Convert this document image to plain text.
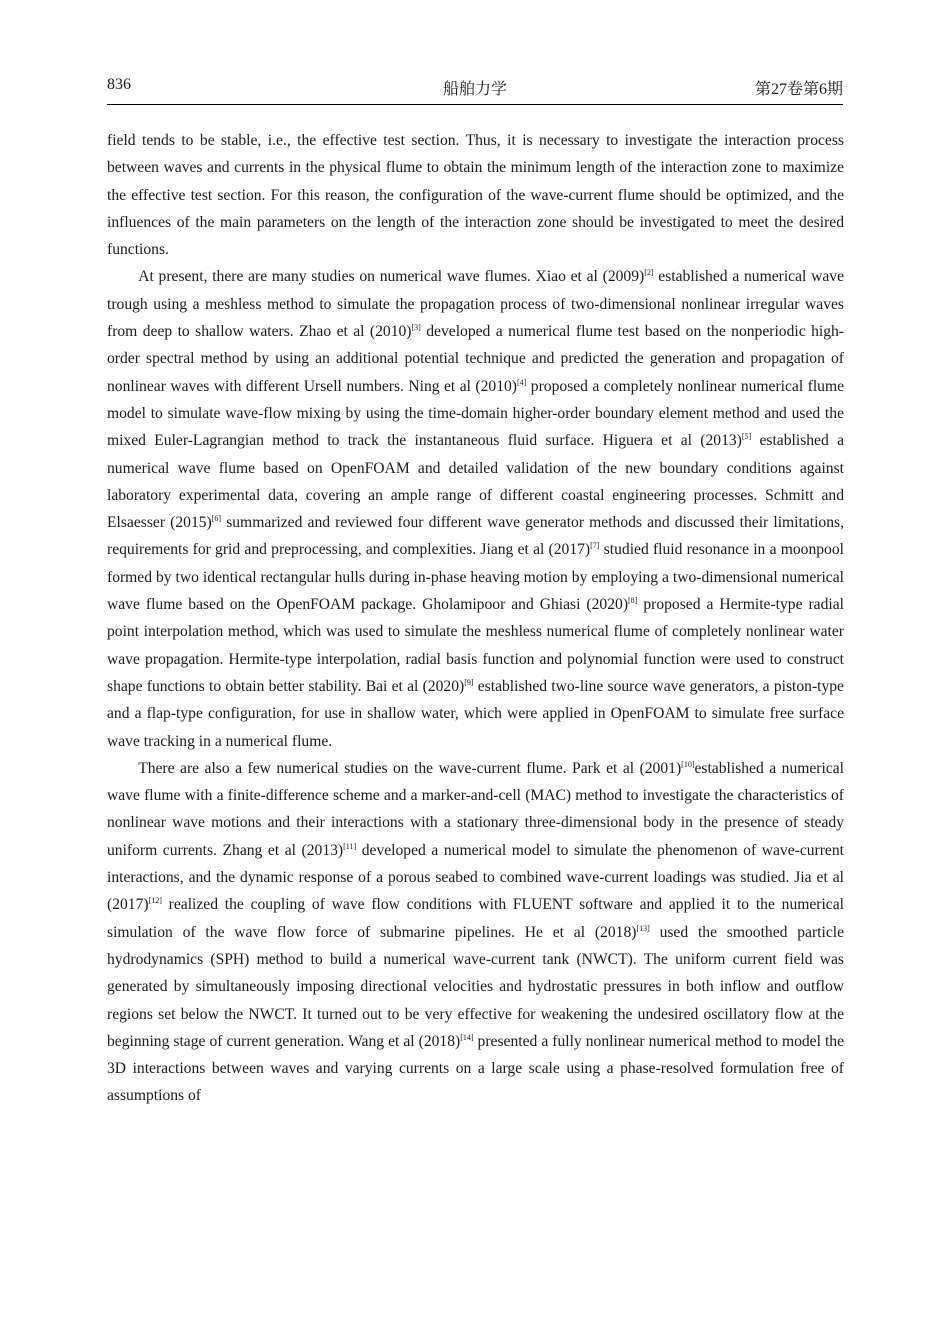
836	船舶力学	第27卷第6期

field tends to be stable, i.e., the effective test section. Thus, it is necessary to investigate the interaction process between waves and currents in the physical flume to obtain the minimum length of the interaction zone to maximize the effective test section. For this reason, the configuration of the wave-current flume should be optimized, and the influences of the main parameters on the length of the interaction zone should be investigated to meet the desired functions.

At present, there are many studies on numerical wave flumes. Xiao et al (2009)[2] established a numerical wave trough using a meshless method to simulate the propagation process of two-dimensional nonlinear irregular waves from deep to shallow waters. Zhao et al (2010)[3] developed a numerical flume test based on the nonperiodic high-order spectral method by using an additional potential technique and predicted the generation and propagation of nonlinear waves with different Ursell numbers. Ning et al (2010)[4] proposed a completely nonlinear numerical flume model to simulate wave-flow mixing by using the time-domain higher-order boundary element method and used the mixed Euler-Lagrangian method to track the instantaneous fluid surface. Higuera et al (2013)[5] established a numerical wave flume based on OpenFOAM and detailed validation of the new boundary conditions against laboratory experimental data, covering an ample range of different coastal engineering processes. Schmitt and Elsaesser (2015)[6] summarized and reviewed four different wave generator methods and discussed their limitations, requirements for grid and preprocessing, and complexities. Jiang et al (2017)[7] studied fluid resonance in a moonpool formed by two identical rectangular hulls during in-phase heaving motion by employing a two-dimensional numerical wave flume based on the OpenFOAM package. Gholamipoor and Ghiasi (2020)[8] proposed a Hermite-type radial point interpolation method, which was used to simulate the meshless numerical flume of completely nonlinear water wave propagation. Hermite-type interpolation, radial basis function and polynomial function were used to construct shape functions to obtain better stability. Bai et al (2020)[9] established two-line source wave generators, a piston-type and a flap-type configuration, for use in shallow water, which were applied in OpenFOAM to simulate free surface wave tracking in a numerical flume.

There are also a few numerical studies on the wave-current flume. Park et al (2001)[10]established a numerical wave flume with a finite-difference scheme and a marker-and-cell (MAC) method to investigate the characteristics of nonlinear wave motions and their interactions with a stationary three-dimensional body in the presence of steady uniform currents. Zhang et al (2013)[11] developed a numerical model to simulate the phenomenon of wave-current interactions, and the dynamic response of a porous seabed to combined wave-current loadings was studied. Jia et al (2017)[12] realized the coupling of wave flow conditions with FLUENT software and applied it to the numerical simulation of the wave flow force of submarine pipelines. He et al (2018)[13] used the smoothed particle hydrodynamics (SPH) method to build a numerical wave-current tank (NWCT). The uniform current field was generated by simultaneously imposing directional velocities and hydrostatic pressures in both inflow and outflow regions set below the NWCT. It turned out to be very effective for weakening the undesired oscillatory flow at the beginning stage of current generation. Wang et al (2018)[14] presented a fully nonlinear numerical method to model the 3D interactions between waves and varying currents on a large scale using a phase-resolved formulation free of assumptions of
